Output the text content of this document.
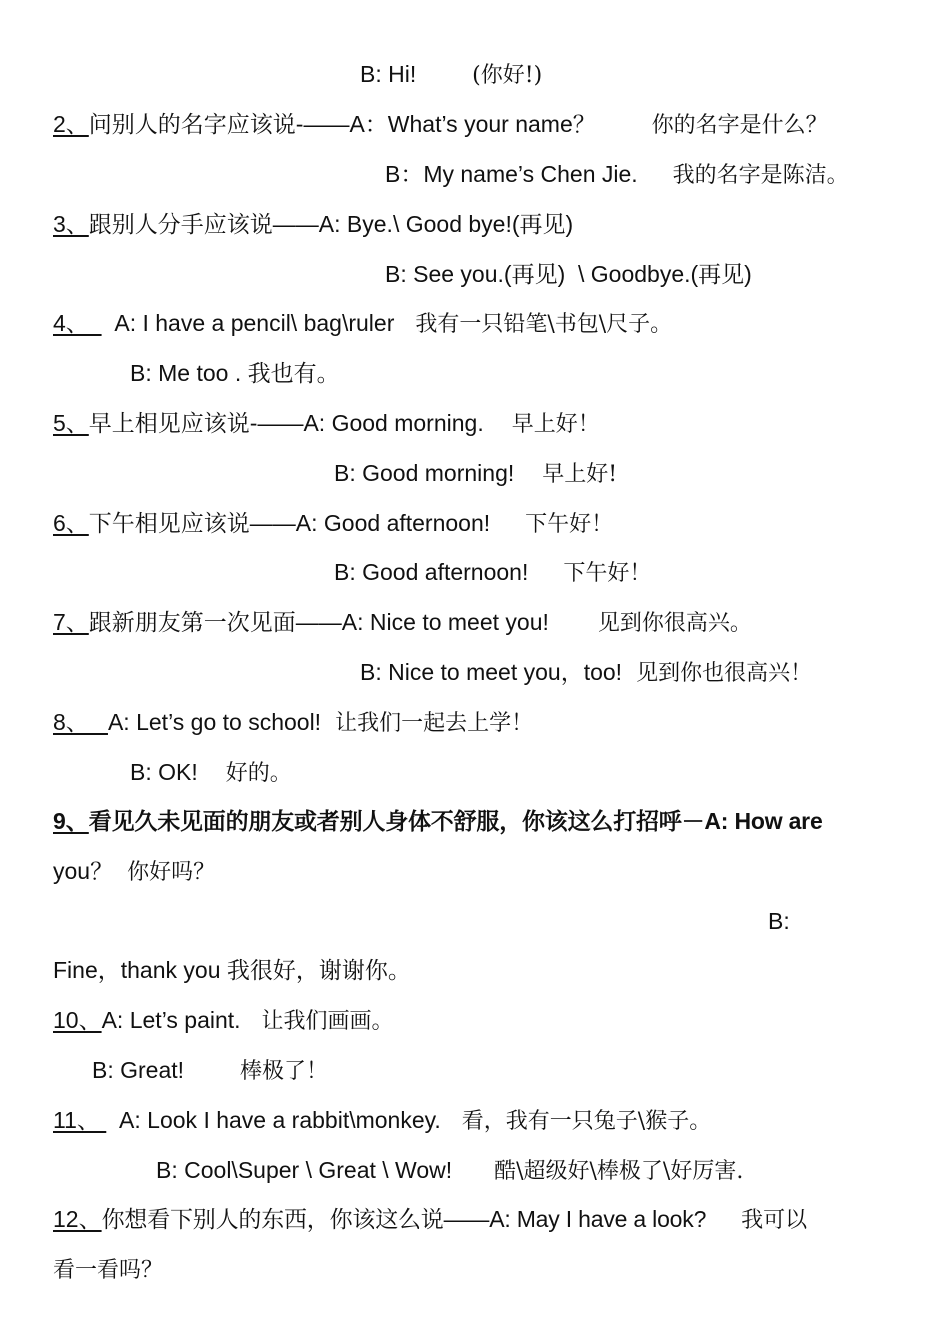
B: Hi!        (你好!)
2、问别人的名字应该说-――A：What’s your name？        你的名字是什么？
B：My name’s Chen Jie.     我的名字是陈洁。
3、跟别人分手应该说――A: Bye.\ Good bye!(再见)
B: See you.(再见)  \ Goodbye.(再见)
4、    A: I have a pencil\ bag\ruler   我有一只铅笔\书包\尺子。
B: Me too . 我也有。
5、早上相见应该说-――A: Good morning.    早上好！
B: Good morning!    早上好!
6、下午相见应该说――A: Good afternoon!     下午好！
B: Good afternoon!     下午好！
7、跟新朋友第一次见面――A: Nice to meet you!       见到你很高兴。
B: Nice to meet you，too!  见到你也很高兴！
8、   A: Let’s go to school!  让我们一起去上学！
B: OK!    好的。
9、看见久未见面的朋友或者别人身体不舒服，你该这么打招呼－A: How are
you？  你好吗？
B:
Fine，thank you 我很好，谢谢你。
10、A: Let’s paint.   让我们画画。
B: Great!        棒极了！
11、   A: Look I have a rabbit\monkey.   看，我有一只兔子\猴子。
B: Cool\Super \ Great \ Wow!      酷\超级好\棒极了\好厉害.
12、你想看下别人的东西，你该这么说――A: May I have a look?     我可以
看一看吗？
